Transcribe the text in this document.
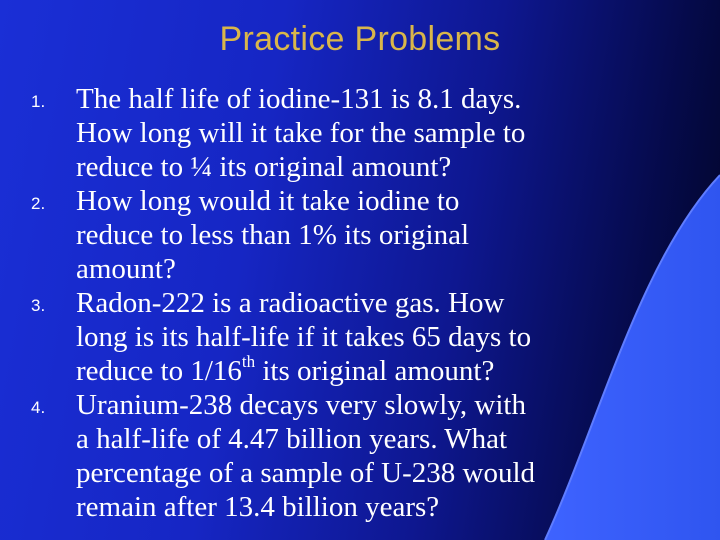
Practice Problems
1.	The half life of iodine-131 is 8.1 days.
How long will it take for the sample to
reduce to ¼ its original amount?
2.	How long would it take iodine to
reduce to less than 1% its original
amount?
3.	Radon-222 is a radioactive gas. How
long is its half-life if it takes 65 days to
reduce to 1/16th its original amount?
4.	Uranium-238 decays very slowly, with
a half-life of 4.47 billion years. What
percentage of a sample of U-238 would
remain after 13.4 billion years?
